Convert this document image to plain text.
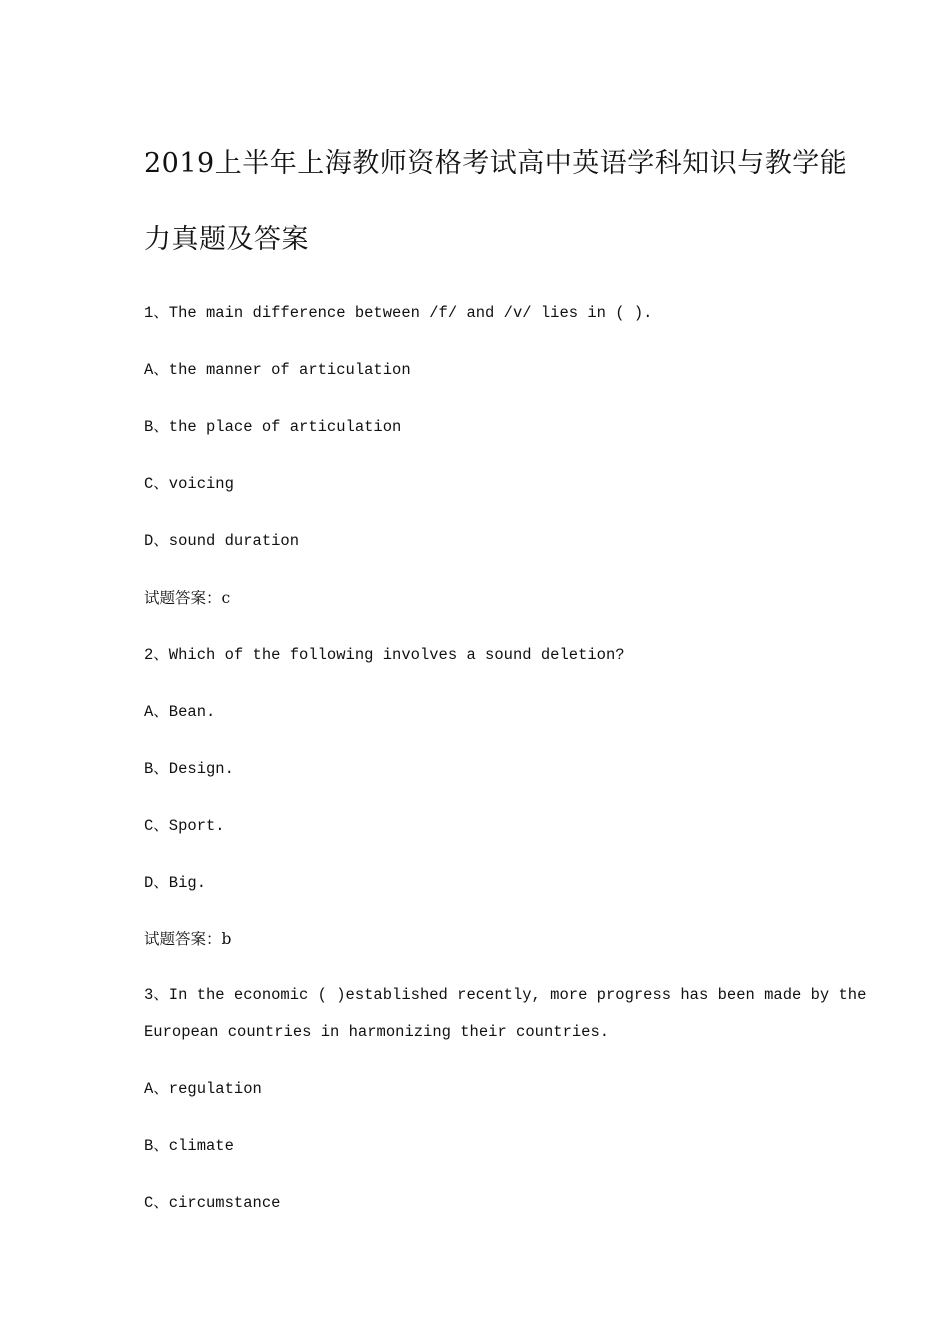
2019上半年上海教师资格考试高中英语学科知识与教学能
力真题及答案
1、The main difference between /f/ and /v/ lies in ( ).
A、the manner of articulation
B、the place of articulation
C、voicing
D、sound duration
试题答案：c
2、Which of the following involves a sound deletion?
A、Bean.
B、Design.
C、Sport.
D、Big.
试题答案：b
3、In the economic ( )established recently, more progress has been made by the
European countries in harmonizing their countries.
A、regulation
B、climate
C、circumstance
